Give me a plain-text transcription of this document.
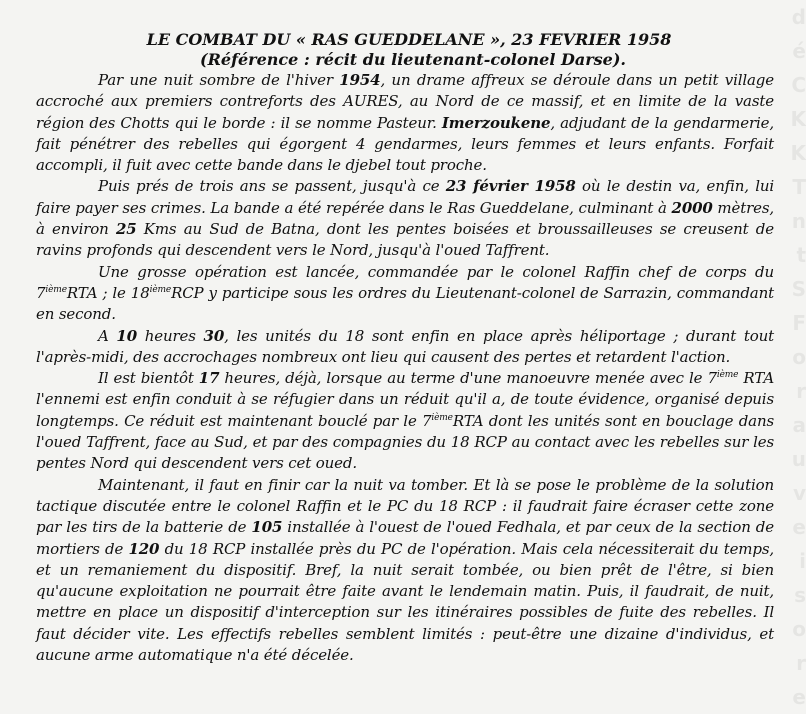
d
é
C
K
K
T
n
t
S
F
o
r
a
u
v
e
i
s
o
r
e

LE COMBAT DU « RAS GUEDDELANE », 23 FEVRIER 1958

(Référence : récit du lieutenant-colonel Darse).

Par une nuit sombre de l'hiver 1954, un drame affreux se déroule dans un petit village accroché aux premiers contreforts des AURES, au Nord de ce massif, et en limite de la vaste région des Chotts qui le borde : il se nomme Pasteur. Imerzoukene, adjudant de la gendarmerie, fait pénétrer des rebelles qui égorgent 4 gendarmes, leurs femmes et leurs enfants. Forfait accompli, il fuit avec cette bande dans le djebel tout proche.

Puis prés de trois ans se passent, jusqu'à ce 23 février 1958 où le destin va, enfin, lui faire payer ses crimes. La bande a été repérée dans le Ras Gueddelane, culminant à 2000 mètres, à environ 25 Kms au Sud de Batna, dont les pentes boisées et broussailleuses se creusent de ravins profonds qui descendent vers le Nord, jusqu'à l'oued Taffrent.

Une grosse opération est lancée, commandée par le colonel Raffin chef de corps du 7ièmeRTA ; le 18ièmeRCP y participe sous les ordres du Lieutenant-colonel de Sarrazin, commandant en second.

A 10 heures 30, les unités du 18 sont enfin en place après héliportage ; durant tout l'après-midi, des accrochages nombreux ont lieu qui causent des pertes et retardent l'action.

Il est bientôt 17 heures, déjà, lorsque au terme d'une manoeuvre menée avec le 7ième RTA l'ennemi est enfin conduit à se réfugier dans un réduit qu'il a, de toute évidence, organisé depuis longtemps. Ce réduit est maintenant bouclé par le 7ièmeRTA dont les unités sont en bouclage dans l'oued Taffrent, face au Sud, et par des compagnies du 18 RCP au contact avec les rebelles sur les pentes Nord qui descendent vers cet oued.

Maintenant, il faut en finir car la nuit va tomber. Et là se pose le problème de la solution tactique discutée entre le colonel Raffin et le PC du 18 RCP : il faudrait faire écraser cette zone par les tirs de la batterie de 105 installée à l'ouest de l'oued Fedhala, et par ceux de la section de mortiers de 120 du 18 RCP installée près du PC de l'opération. Mais cela nécessiterait du temps, et un remaniement du dispositif. Bref, la nuit serait tombée, ou bien prêt de l'être, si bien qu'aucune exploitation ne pourrait être faite avant le lendemain matin. Puis, il faudrait, de nuit, mettre en place un dispositif d'interception sur les itinéraires possibles de fuite des rebelles. Il faut décider vite. Les effectifs rebelles semblent limités : peut-être une dizaine d'individus, et aucune arme automatique n'a été décelée.
